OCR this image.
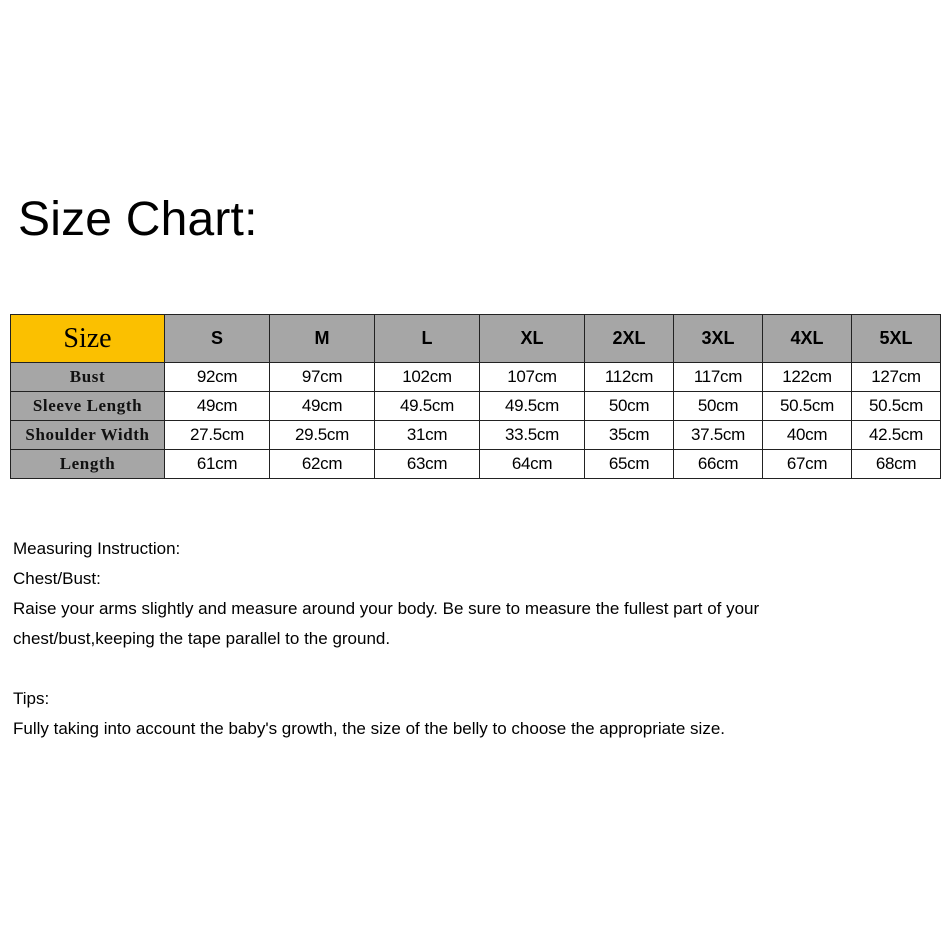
Size Chart:
Size	S	M	L	XL	2XL	3XL	4XL	5XL
Bust	92cm	97cm	102cm	107cm	112cm	117cm	122cm	127cm
Sleeve Length	49cm	49cm	49.5cm	49.5cm	50cm	50cm	50.5cm	50.5cm
Shoulder Width	27.5cm	29.5cm	31cm	33.5cm	35cm	37.5cm	40cm	42.5cm
Length	61cm	62cm	63cm	64cm	65cm	66cm	67cm	68cm

Measuring Instruction:

Chest/Bust:

Raise your arms slightly and measure around your body. Be sure to measure the fullest part of your

chest/bust,keeping the tape parallel to the ground.

Tips:

Fully taking into account the baby's growth, the size of the belly to choose the appropriate size.
